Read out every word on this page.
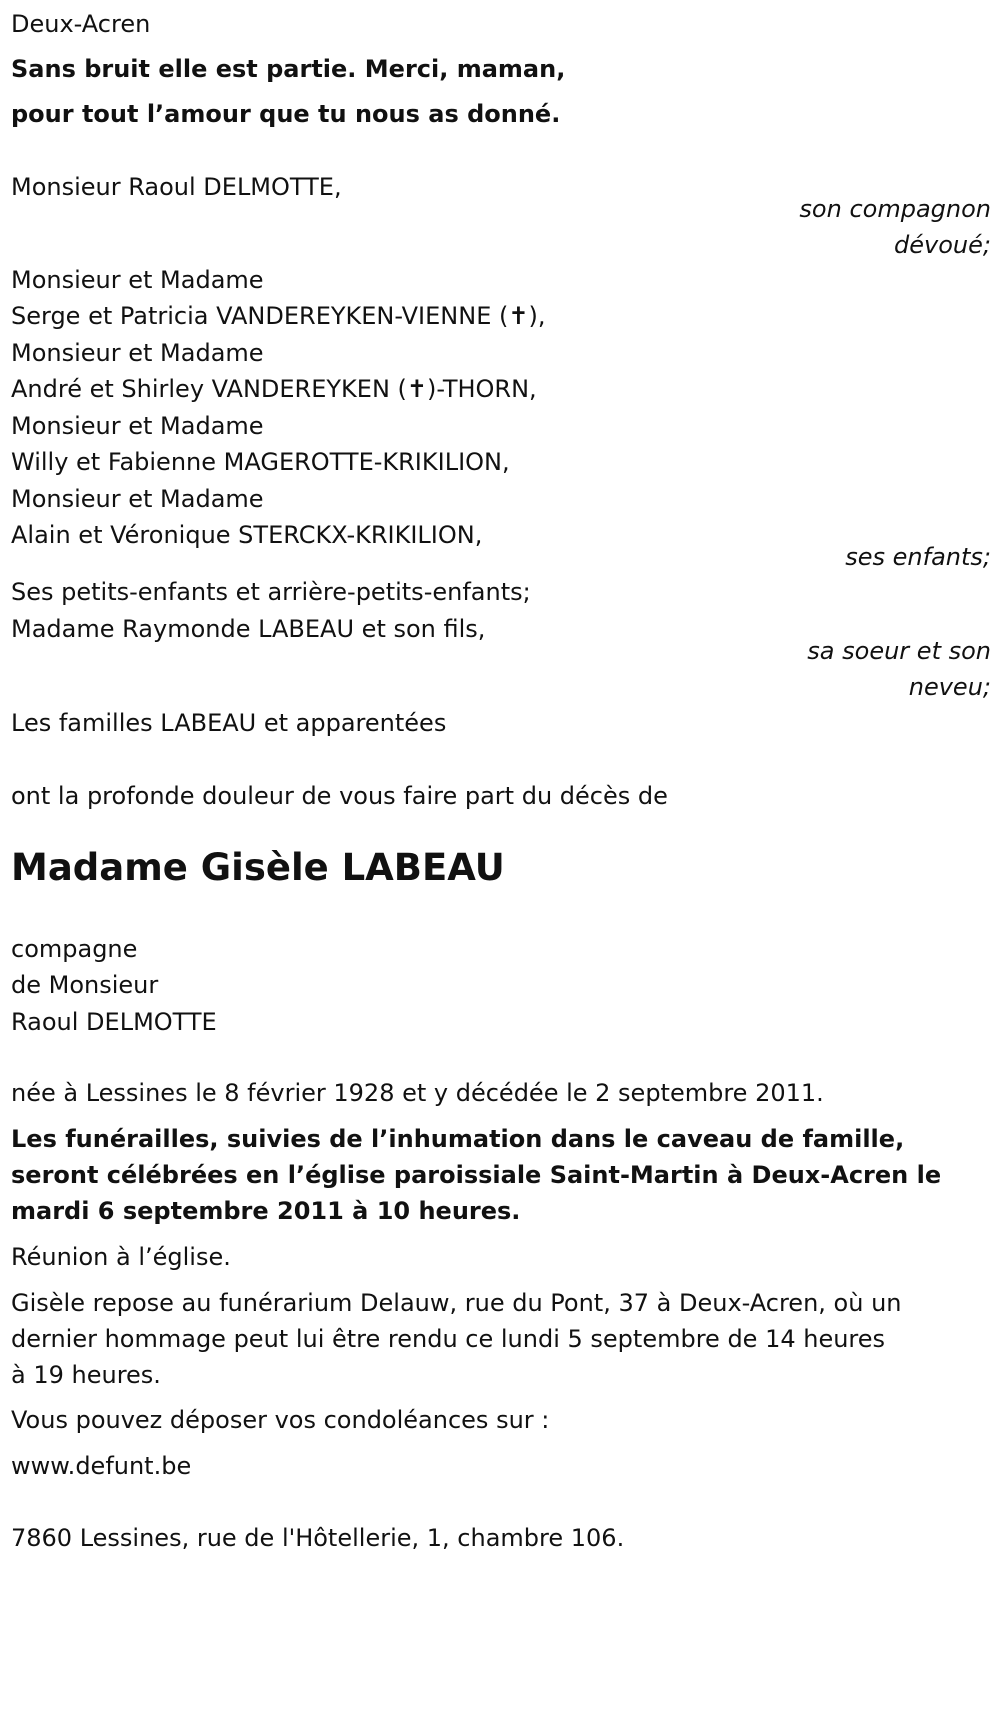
Deux-Acren
Sans bruit elle est partie. Merci, maman,
pour tout l’amour que tu nous as donné.
Monsieur Raoul DELMOTTE,
son compagnon
dévoué;
Monsieur et Madame
Serge et Patricia VANDEREYKEN-VIENNE (✝),
Monsieur et Madame
André et Shirley VANDEREYKEN (✝)-THORN,
Monsieur et Madame
Willy et Fabienne MAGEROTTE-KRIKILION,
Monsieur et Madame
Alain et Véronique STERCKX-KRIKILION,
ses enfants;
Ses petits-enfants et arrière-petits-enfants;
Madame Raymonde LABEAU et son fils,
sa soeur et son
neveu;
Les familles LABEAU et apparentées
ont la profonde douleur de vous faire part du décès de
Madame Gisèle LABEAU
compagne
de Monsieur
Raoul DELMOTTE
née à Lessines le 8 février 1928 et y décédée le 2 septembre 2011.
Les funérailles, suivies de l’inhumation dans le caveau de famille,
seront célébrées en l’église paroissiale Saint-Martin à Deux-Acren le
mardi 6 septembre 2011 à 10 heures.
Réunion à l’église.
Gisèle repose au funérarium Delauw, rue du Pont, 37 à Deux-Acren, où un
dernier hommage peut lui être rendu ce lundi 5 septembre de 14 heures
à 19 heures.
Vous pouvez déposer vos condoléances sur :
www.defunt.be
7860 Lessines, rue de l'Hôtellerie, 1, chambre 106.
